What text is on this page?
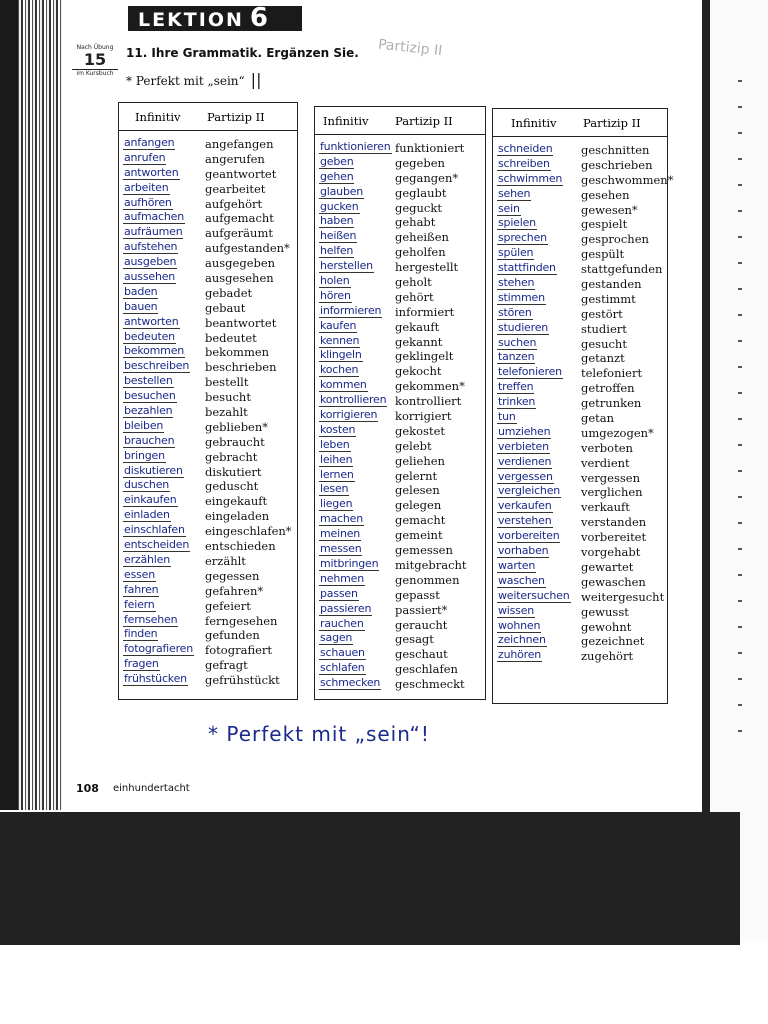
LEKTION 6
Nach Übung
15
im Kursbuch
11. Ihre Grammatik. Ergänzen Sie. Partizip II
* Perfekt mit „sein“ ||
Infinitiv Partizip II
anfangen	angefangen
anrufen	angerufen
antworten geantwortet
arbeiten	gearbeitet
aufhören	aufgehört
aufmachen aufgemacht
aufräumen aufgeräumt
aufstehen aufgestanden*
ausgeben ausgegeben
aussehen	ausgesehen
baden	gebadet
bauen	gebaut
antworten beantwortet
bedeuten	bedeutet
bekommen bekommen
beschreiben beschrieben
bestellen	bestellt
besuchen	besucht
bezahlen	bezahlt
bleiben	geblieben*
brauchen	gebraucht
bringen	gebracht
diskutieren diskutiert
duschen	geduscht
einkaufen eingekauft
einladen	eingeladen
einschlafen eingeschlafen*
entscheiden entschieden
erzählen	erzählt
essen	gegessen
fahren	gefahren*
feiern	gefeiert
fernsehen ferngesehen
finden	gefunden
fotografieren fotografiert
fragen	gefragt
frühstücken gefrühstückt
Infinitiv Partizip II
funktionieren funktioniert
geben	gegeben
gehen	gegangen*
glauben	geglaubt
gucken	geguckt
haben	gehabt
heißen	geheißen
helfen	geholfen
herstellen hergestellt
holen	geholt
hören	gehört
informieren informiert
kaufen	gekauft
kennen	gekannt
klingeln	geklingelt
kochen	gekocht
kommen gekommen*
kontrollieren kontrolliert
korrigieren korrigiert
kosten	gekostet
leben	gelebt
leihen	geliehen
lernen	gelernt
lesen	gelesen
liegen	gelegen
machen	gemacht
meinen	gemeint
messen	gemessen
mitbringen mitgebracht
nehmen	genommen
passen	gepasst
passieren passiert*
rauchen	geraucht
sagen	gesagt
schauen	geschaut
schlafen	geschlafen
schmecken geschmeckt
Infinitiv Partizip II
schneiden geschnitten
schreiben	geschrieben
schwimmen geschwommen*
sehen	gesehen
sein	gewesen*
spielen	gespielt
sprechen	gesprochen
spülen	gespült
stattfinden stattgefunden
stehen	gestanden
stimmen	gestimmt
stören	gestört
studieren	studiert
suchen	gesucht
tanzen	getanzt
telefonieren telefoniert
treffen	getroffen
trinken	getrunken
tun	getan
umziehen	umgezogen*
verbieten	verboten
verdienen	verdient
vergessen vergessen
vergleichen verglichen
verkaufen	verkauft
verstehen	verstanden
vorbereiten vorbereitet
vorhaben	vorgehabt
warten	gewartet
waschen	gewaschen
weitersuchen weitergesucht
wissen	gewusst
wohnen	gewohnt
zeichnen	gezeichnet
zuhören	zugehört
* Perfekt mit „sein“!
108 einhundertacht
